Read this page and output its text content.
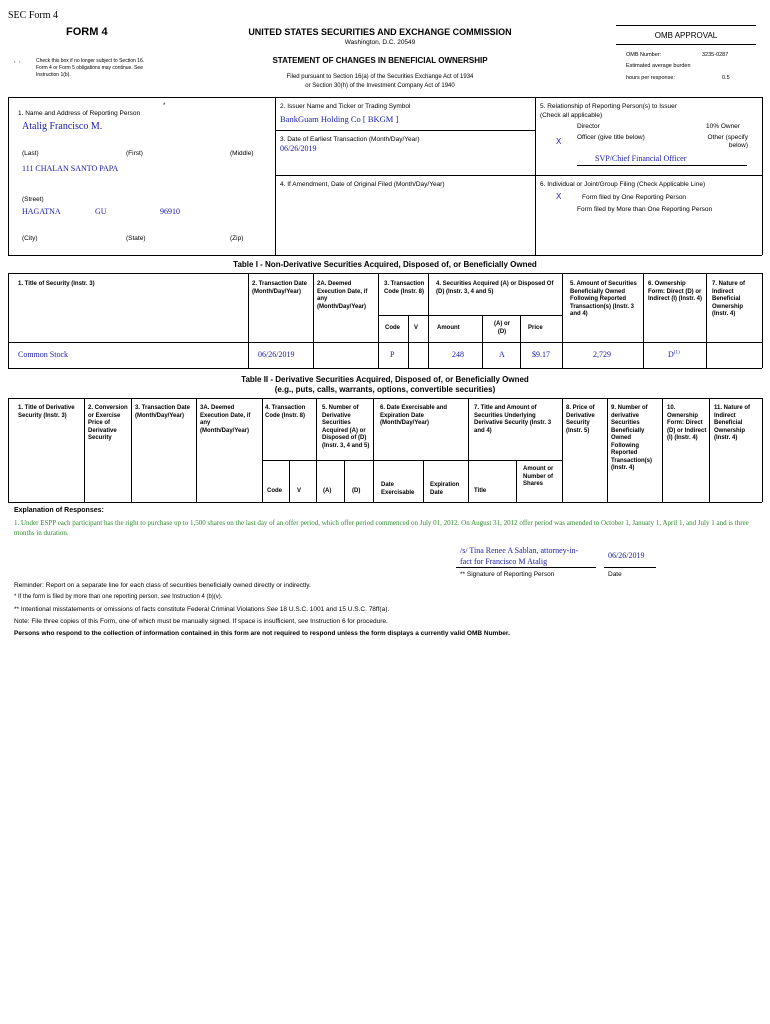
SEC Form 4
FORM 4
,  ,	Check this box if no longer subject to Section 16. Form 4 or Form 5 obligations may continue. See Instruction 1(b).
UNITED STATES SECURITIES AND EXCHANGE COMMISSION
Washington, D.C. 20549
STATEMENT OF CHANGES IN BENEFICIAL OWNERSHIP
Filed pursuant to Section 16(a) of the Securities Exchange Act of 1934
or Section 30(h) of the Investment Company Act of 1940
OMB APPROVAL
OMB Number:	3235-0287
Estimated average burden
hours per response:	0.5
1. Name and Address of Reporting Person
*
Atalig Francisco M.
(Last)	(First)	(Middle)
111 CHALAN SANTO PAPA
(Street)
HAGATNA	GU	96910
(City)	(State)	(Zip)
2. Issuer Name and Ticker or Trading Symbol
BankGuam Holding Co [ BKGM ]
3. Date of Earliest Transaction (Month/Day/Year)
06/26/2019
4. If Amendment, Date of Original Filed (Month/Day/Year)
5. Relationship of Reporting Person(s) to Issuer
(Check all applicable)
Director	10% Owner
X Officer (give title below)	Other (specify below)
SVP/Chief Financial Officer
6. Individual or Joint/Group Filing (Check Applicable Line)
X	Form filed by One Reporting Person
Form filed by More than One Reporting Person
Table I - Non-Derivative Securities Acquired, Disposed of, or Beneficially Owned
1. Title of Security (Instr. 3)	2. Transaction Date (Month/Day/Year)
2A. Deemed Execution Date, if any (Month/Day/Year)
3. Transaction Code (Instr. 8)
4. Securities Acquired (A) or Disposed Of (D) (Instr. 3, 4 and 5)
5. Amount of Securities Beneficially Owned Following Reported Transaction(s) (Instr. 3 and 4)
6. Ownership Form: Direct (D) or Indirect (I) (Instr. 4)
7. Nature of Indirect Beneficial Ownership (Instr. 4)
Code V	Amount
(A) or (D)
Price
Common Stock	06/26/2019	P	248	A	$9.17	2,729	$D^{(1)}$
Table II - Derivative Securities Acquired, Disposed of, or Beneficially Owned
(e.g., puts, calls, warrants, options, convertible securities)
1. Title of Derivative Security (Instr. 3)
2. Conversion or Exercise Price of Derivative Security
3. Transaction Date (Month/Day/Year)
3A. Deemed Execution Date, if any (Month/Day/Year)
4. Transaction Code (Instr. 8)
5. Number of Derivative Securities Acquired (A) or Disposed of (D) (Instr. 3, 4 and 5)
6. Date Exercisable and Expiration Date (Month/Day/Year)
7. Title and Amount of Securities Underlying Derivative Security (Instr. 3 and 4)
8. Price of Derivative Security (Instr. 5)
9. Number of derivative Securities Beneficially Owned Following Reported Transaction(s) (Instr. 4)
10. Ownership Form: Direct (D) or Indirect (I) (Instr. 4)
11. Nature of Indirect Beneficial Ownership (Instr. 4)
Code	V	(A)	(D)
Date Exercisable
Expiration Date	Title
Amount or Number of Shares
Explanation of Responses:
1. Under ESPP each participant has the right to purchase up to 1,500 shares on the last day of an offer period, which offer period commenced on July 01, 2012. On August 31, 2012 offer period was amended to October 1, January 1, April 1, and July 1 and is three months in duration.
/s/ Tina Renee A Sablan, attorney-in-
fact for Francisco M Atalig
06/26/2019
** Signature of Reporting Person	Date
Reminder: Report on a separate line for each class of securities beneficially owned directly or indirectly.
* If the form is filed by more than one reporting person, see Instruction 4 (b)(v).
** Intentional misstatements or omissions of facts constitute Federal Criminal Violations See 18 U.S.C. 1001 and 15 U.S.C. 78ff(a).
Note: File three copies of this Form, one of which must be manually signed. If space is insufficient, see Instruction 6 for procedure.
Persons who respond to the collection of information contained in this form are not required to respond unless the form displays a currently valid OMB Number.
